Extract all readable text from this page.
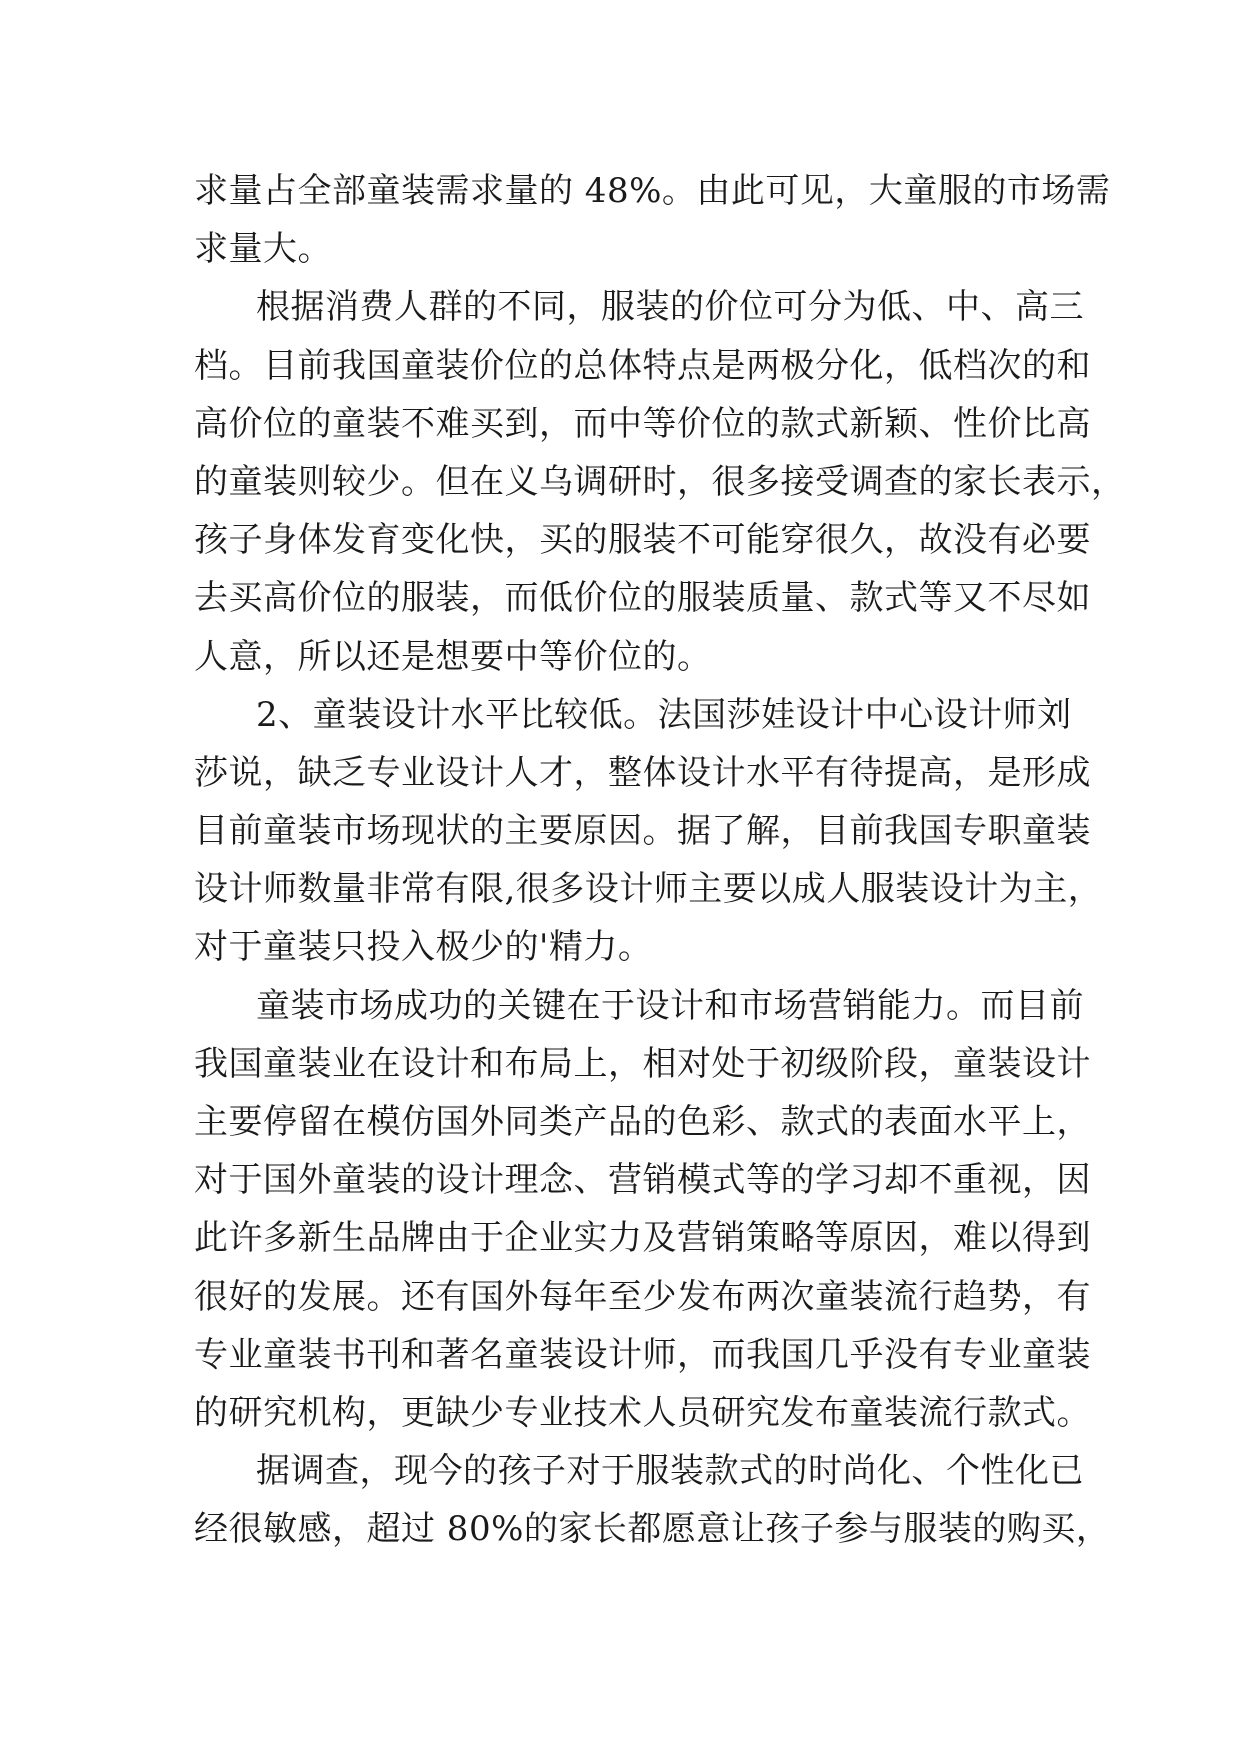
求量占全部童装需求量的 48%。由此可见，大童服的市场需
求量大。
根据消费人群的不同，服装的价位可分为低、中、高三
档。目前我国童装价位的总体特点是两极分化，低档次的和
高价位的童装不难买到，而中等价位的款式新颖、性价比高
的童装则较少。但在义乌调研时，很多接受调查的家长表示，
孩子身体发育变化快，买的服装不可能穿很久，故没有必要
去买高价位的服装，而低价位的服装质量、款式等又不尽如
人意，所以还是想要中等价位的。
2、童装设计水平比较低。法国莎娃设计中心设计师刘
莎说，缺乏专业设计人才，整体设计水平有待提高，是形成
目前童装市场现状的主要原因。据了解，目前我国专职童装
设计师数量非常有限,很多设计师主要以成人服装设计为主，
对于童装只投入极少的'精力。
童装市场成功的关键在于设计和市场营销能力。而目前
我国童装业在设计和布局上，相对处于初级阶段，童装设计
主要停留在模仿国外同类产品的色彩、款式的表面水平上，
对于国外童装的设计理念、营销模式等的学习却不重视，因
此许多新生品牌由于企业实力及营销策略等原因，难以得到
很好的发展。还有国外每年至少发布两次童装流行趋势，有
专业童装书刊和著名童装设计师，而我国几乎没有专业童装
的研究机构，更缺少专业技术人员研究发布童装流行款式。
据调查，现今的孩子对于服装款式的时尚化、个性化已
经很敏感，超过 80%的家长都愿意让孩子参与服装的购买，
